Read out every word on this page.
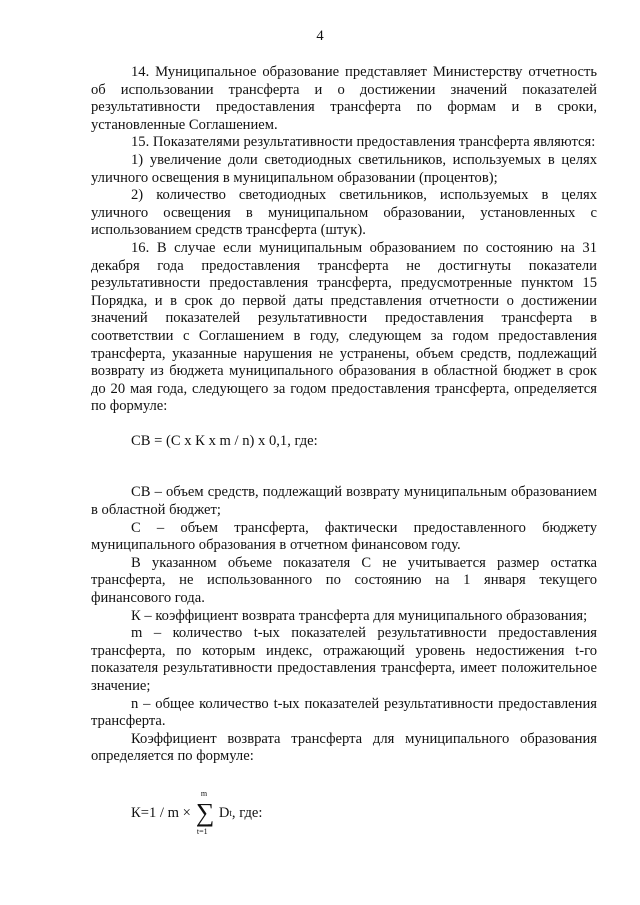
4

14. Муниципальное образование представляет Министерству отчетность об использовании трансферта и о достижении значений показателей результативности предоставления трансферта по формам и в сроки, установленные Соглашением.

15. Показателями результативности предоставления трансферта являются:

1) увеличение доли светодиодных светильников, используемых в целях уличного освещения в муниципальном образовании (процентов);

2) количество светодиодных светильников, используемых в целях уличного освещения в муниципальном образовании, установленных с использованием средств трансферта (штук).

16. В случае если муниципальным образованием по состоянию на 31 декабря года предоставления трансферта не достигнуты показатели результативности предоставления трансферта, предусмотренные пунктом 15 Порядка, и в срок до первой даты представления отчетности о достижении значений показателей результативности предоставления трансферта в соответствии с Соглашением в году, следующем за годом предоставления трансферта, указанные нарушения не устранены, объем средств, подлежащий возврату из бюджета муниципального образования в областной бюджет в срок до 20 мая года, следующего за годом предоставления трансферта, определяется по формуле:

СВ = (С х К х m / n) х 0,1, где:

СВ – объем средств, подлежащий возврату муниципальным образованием в областной бюджет;

С – объем трансферта, фактически предоставленного бюджету муниципального образования в отчетном финансовом году.

В указанном объеме показателя С не учитывается размер остатка трансферта, не использованного по состоянию на 1 января текущего финансового года.

К – коэффициент возврата трансферта для муниципального образования;

m – количество t-ых показателей результативности предоставления трансферта, по которым индекс, отражающий уровень недостижения t-го показателя результативности предоставления трансферта, имеет положительное значение;

n – общее количество t-ых показателей результативности предоставления трансферта.

Коэффициент возврата трансферта для муниципального образования определяется по формуле:

К=1 / m ×
m
∑
t=1
D t , где:
